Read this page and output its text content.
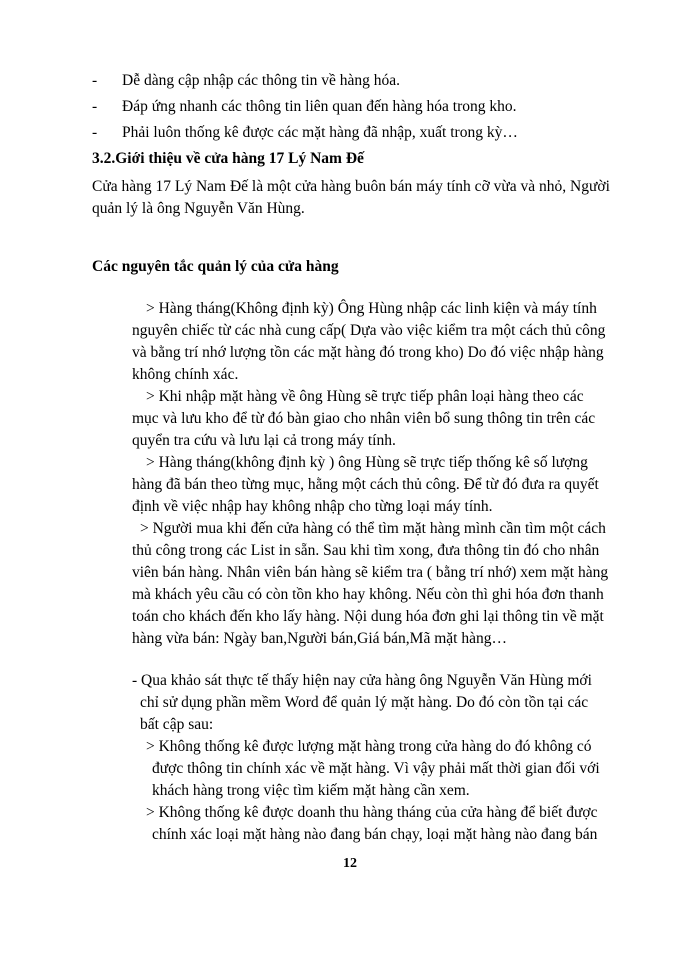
- Dễ dàng cập nhập các thông tin về hàng hóa.
- Đáp ứng nhanh các thông tin liên quan đến hàng hóa trong kho.
- Phải luôn thống kê được các mặt hàng đã nhập, xuất trong kỳ…
3.2.Giới thiệu về cửa hàng 17 Lý Nam Đế
Cửa hàng 17 Lý Nam Đế là một cửa hàng buôn bán máy tính cỡ vừa và nhỏ, Người
quản lý là ông Nguyễn Văn Hùng.
Các nguyên tắc quản lý của cửa hàng
> Hàng tháng(Không định kỳ) Ông Hùng nhập các linh kiện và máy tính
nguyên chiếc từ các nhà cung cấp( Dựa vào việc kiểm tra một cách thủ công
và bằng trí nhớ lượng tồn các mặt hàng đó trong kho) Do đó việc nhập hàng
không chính xác.
> Khi nhập mặt hàng về ông Hùng sẽ trực tiếp phân loại hàng theo các
mục và lưu kho để từ đó bàn giao cho nhân viên bổ sung thông tin trên các
quyển tra cứu và lưu lại cả trong máy tính.
> Hàng tháng(không định kỳ ) ông Hùng sẽ trực tiếp thống kê số lượng
hàng đã bán theo từng mục, hằng một cách thủ công. Để từ đó đưa ra quyết
định về việc nhập hay không nhập cho từng loại máy tính.
> Người mua khi đến cửa hàng có thể tìm mặt hàng mình cần tìm một cách
thủ công trong các List in sẵn. Sau khi tìm xong, đưa thông tin đó cho nhân
viên bán hàng. Nhân viên bán hàng sẽ kiểm tra ( bằng trí nhớ) xem mặt hàng
mà khách yêu cầu có còn tồn kho hay không. Nếu còn thì ghi hóa đơn thanh
toán cho khách đến kho lấy hàng. Nội dung hóa đơn ghi lại thông tin về mặt
hàng vừa bán: Ngày ban,Người bán,Giá bán,Mã mặt hàng…
- Qua khảo sát thực tế thấy hiện nay cửa hàng ông Nguyễn Văn Hùng mới
chỉ sử dụng phần mềm Word để quản lý mặt hàng. Do đó còn tồn tại các
bất cập sau:
> Không thống kê được lượng mặt hàng trong cửa hàng do đó không có
được thông tin chính xác về mặt hàng. Vì vậy phải mất thời gian đối với
khách hàng trong việc tìm kiếm mặt hàng cần xem.
> Không thống kê được doanh thu hàng tháng của cửa hàng để biết được
12
chính xác loại mặt hàng nào đang bán chạy, loại mặt hàng nào đang bán
